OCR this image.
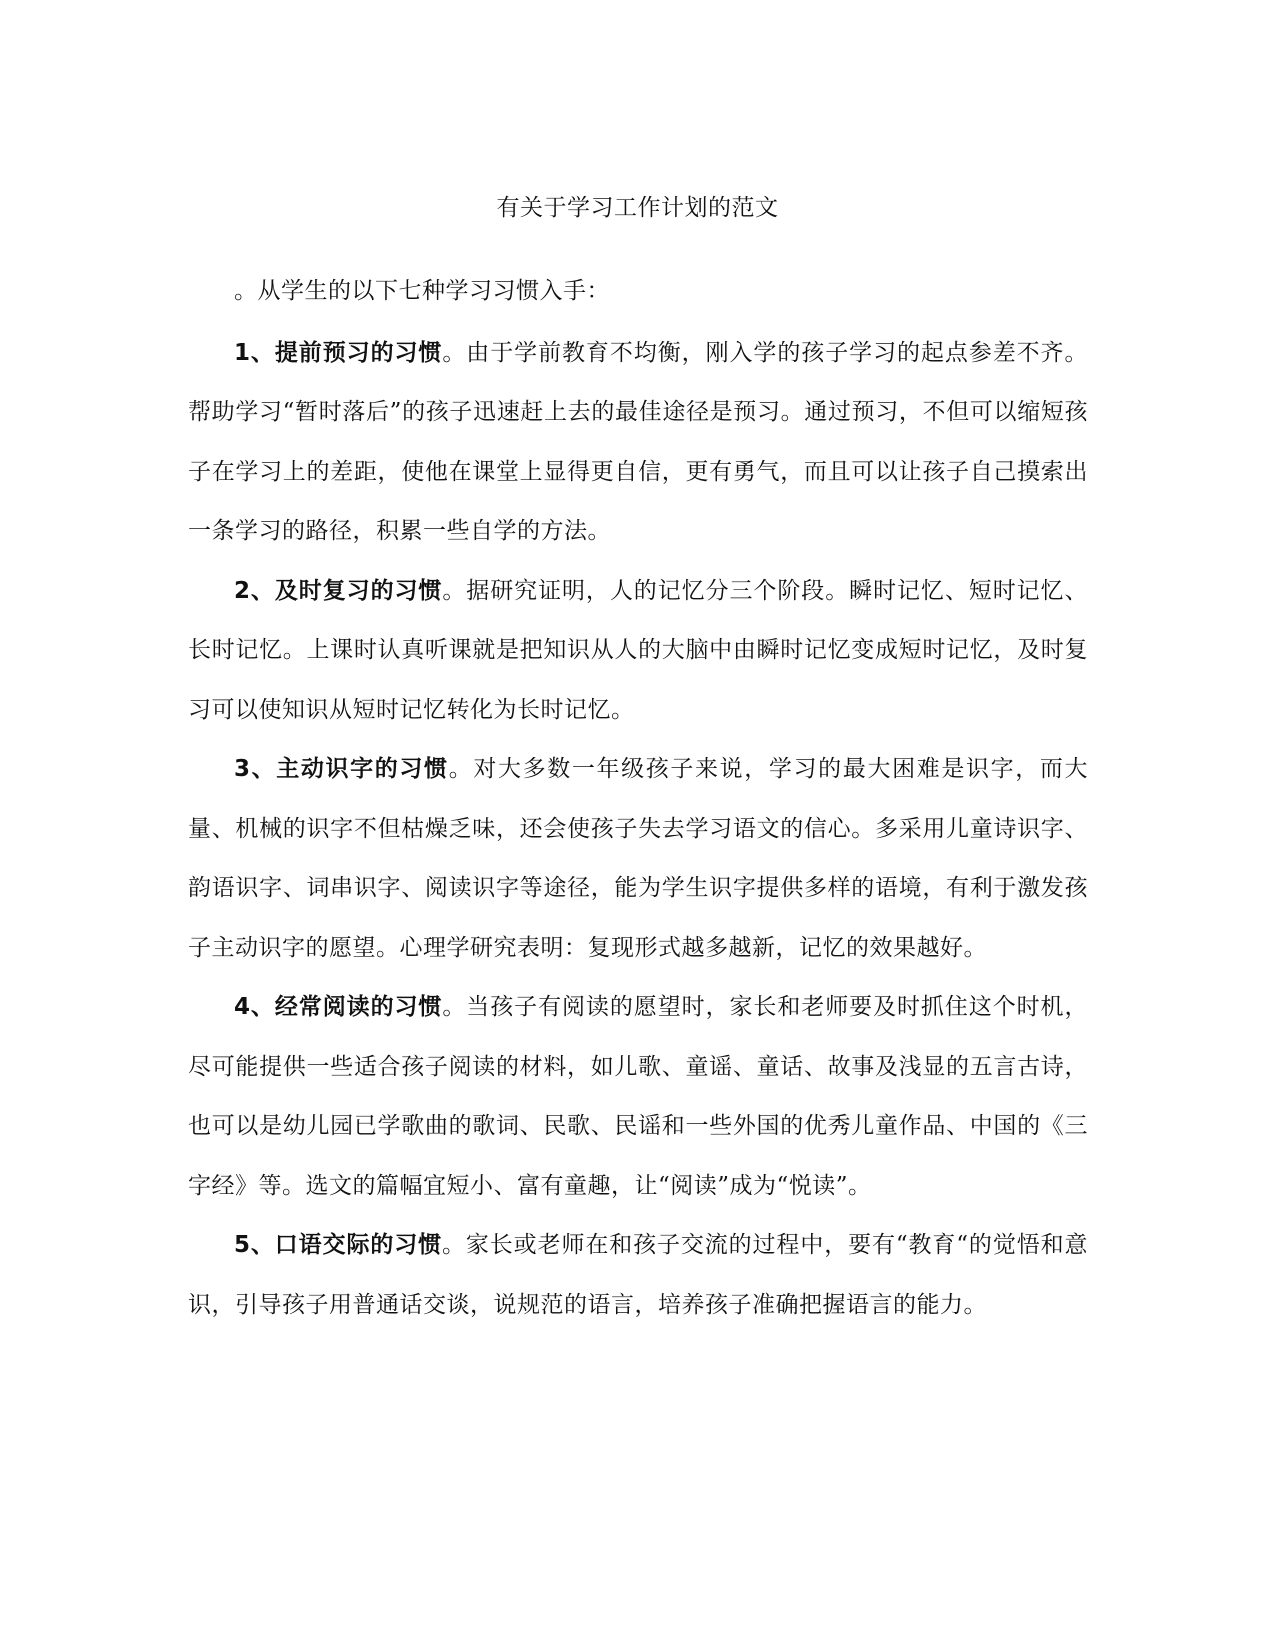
有关于学习工作计划的范文

。从学生的以下七种学习习惯入手：

1、提前预习的习惯。由于学前教育不均衡，刚入学的孩子学习的起点参差不齐。帮助学习“暂时落后”的孩子迅速赶上去的最佳途径是预习。通过预习，不但可以缩短孩子在学习上的差距，使他在课堂上显得更自信，更有勇气，而且可以让孩子自己摸索出一条学习的路径，积累一些自学的方法。

2、及时复习的习惯。据研究证明，人的记忆分三个阶段。瞬时记忆、短时记忆、长时记忆。上课时认真听课就是把知识从人的大脑中由瞬时记忆变成短时记忆，及时复习可以使知识从短时记忆转化为长时记忆。

3、主动识字的习惯。对大多数一年级孩子来说，学习的最大困难是识字，而大量、机械的识字不但枯燥乏味，还会使孩子失去学习语文的信心。多采用儿童诗识字、韵语识字、词串识字、阅读识字等途径，能为学生识字提供多样的语境，有利于激发孩子主动识字的愿望。心理学研究表明：复现形式越多越新，记忆的效果越好。

4、经常阅读的习惯。当孩子有阅读的愿望时，家长和老师要及时抓住这个时机，尽可能提供一些适合孩子阅读的材料，如儿歌、童谣、童话、故事及浅显的五言古诗，也可以是幼儿园已学歌曲的歌词、民歌、民谣和一些外国的优秀儿童作品、中国的《三字经》等。选文的篇幅宜短小、富有童趣，让“阅读”成为“悦读”。

5、口语交际的习惯。家长或老师在和孩子交流的过程中，要有“教育“的觉悟和意识，引导孩子用普通话交谈，说规范的语言，培养孩子准确把握语言的能力。
